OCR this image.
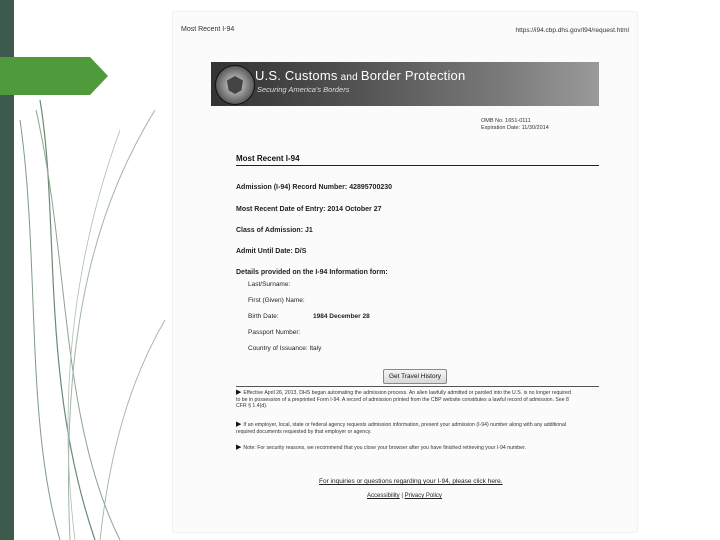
Most Recent I-94	https://i94.cbp.dhs.gov/I94/request.html
U.S. Customs and Border Protection
Securing America's Borders
OMB No. 1651-0111
Expiration Date: 11/30/2014
Most Recent I-94
Admission (I-94) Record Number: 42895700230
Most Recent Date of Entry: 2014 October 27
Class of Admission: J1
Admit Until Date: D/S
Details provided on the I-94 Information form:
Last/Surname:
First (Given) Name:
Birth Date:	1984 December 28
Passport Number:
Country of Issuance: Italy
Get Travel History
▶ Effective April 26, 2013, DHS began automating the admission process. An alien lawfully admitted or paroled into the U.S. is no longer required to be in possession of a preprinted Form I-94. A record of admission printed from the CBP website constitutes a lawful record of admission. See 8 CFR § 1.4(d).
▶ If an employer, local, state or federal agency requests admission information, present your admission (I-94) number along with any additional required documents requested by that employer or agency.
▶ Note: For security reasons, we recommend that you close your browser after you have finished retrieving your I-94 number.
For inquiries or questions regarding your I-94, please click here.
Accessibility | Privacy Policy
